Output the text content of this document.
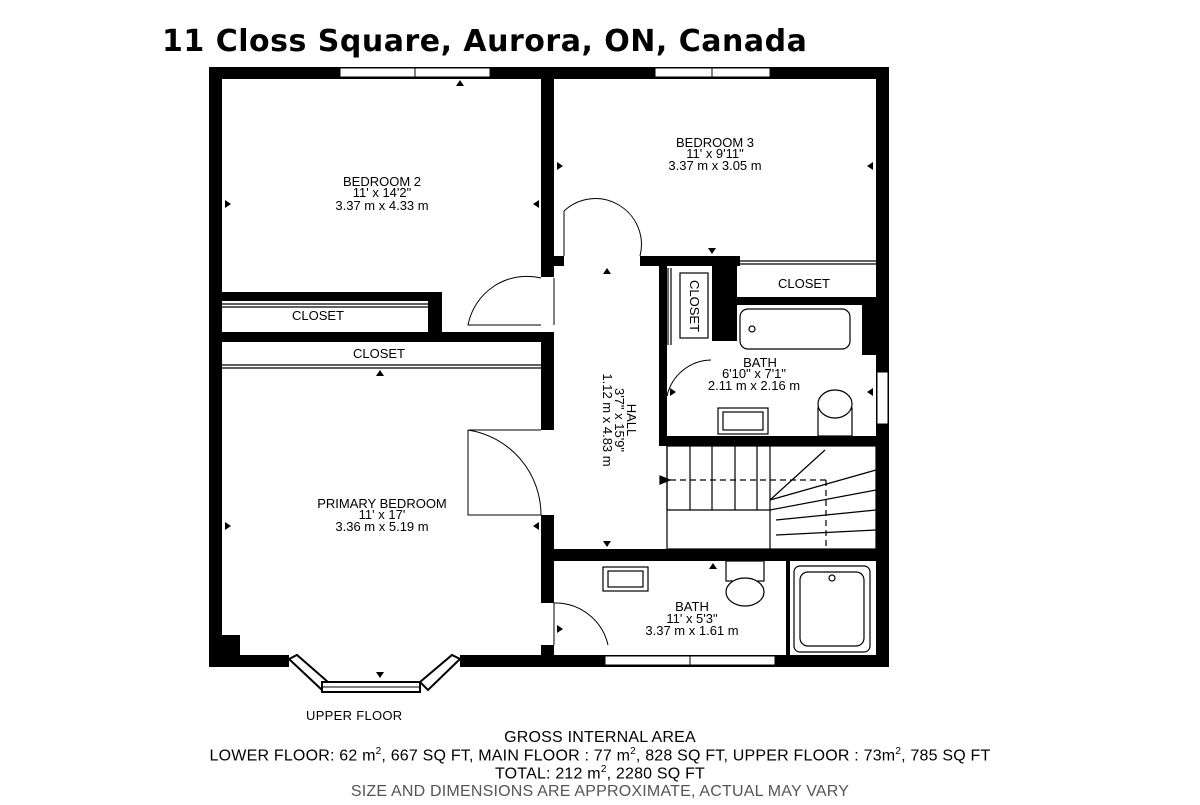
11 Closs Square, Aurora, ON, Canada
BEDROOM 2
11' x 14'2"
3.37 m x 4.33 m
BEDROOM 3
11' x 9'11"
3.37 m x 3.05 m
CLOSET
CLOSET
CLOSET
CLOSET
PRIMARY BEDROOM
11' x 17'
3.36 m x 5.19 m
HALL
3'7" x 15'9"
1.12 m x 4.83 m
BATH
6'10" x 7'1"
2.11 m x 2.16 m
BATH
11' x 5'3"
3.37 m x 1.61 m
UPPER FLOOR
GROSS INTERNAL AREA
LOWER FLOOR: 62 $m^2$, 667 SQ FT, MAIN FLOOR : 77 $m^2$, 828 SQ FT, UPPER FLOOR : $73m^2$, 785 SQ FT
TOTAL: 212 $m^2$, 2280 SQ FT
SIZE AND DIMENSIONS ARE APPROXIMATE, ACTUAL MAY VARY
